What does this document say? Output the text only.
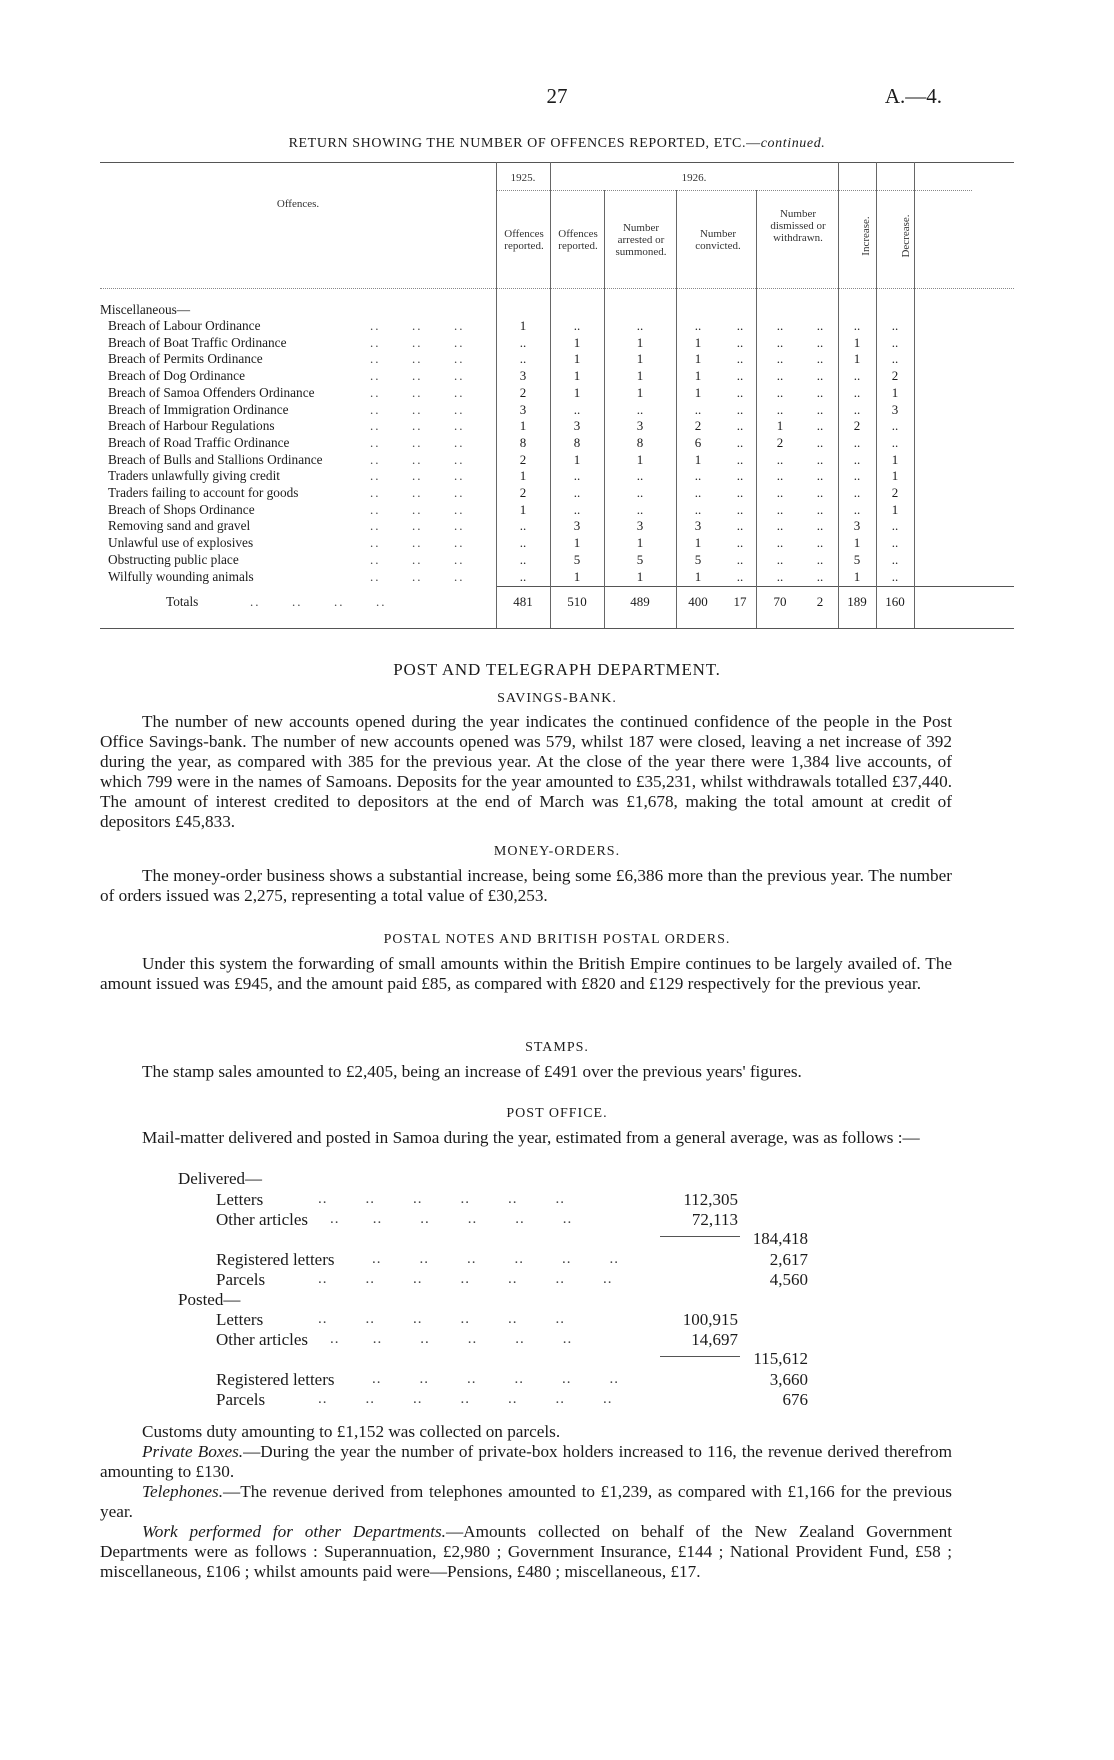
27	A.—4.
RETURN SHOWING THE NUMBER OF OFFENCES REPORTED, ETC.—continued.
Offences.
1925.	1926.
Offences reported.
Offences reported.
Number arrested or summoned.
Number convicted.
Number dismissed or withdrawn.	Increase.	Decrease.
Miscellaneous—
Breach of Labour Ordinance	..      ..      ..	1	..	..	..	..	..	..	..	..
Breach of Boat Traffic Ordinance	..      ..      ..	..	1	1	1	..	..	..	1	..
Breach of Permits Ordinance	..      ..      ..	..	1	1	1	..	..	..	1	..
Breach of Dog Ordinance	..      ..      ..	3	1	1	1	..	..	..	..	2
Breach of Samoa Offenders Ordinance	..      ..      ..	2	1	1	1	..	..	..	..	1
Breach of Immigration Ordinance	..      ..      ..	3	..	..	..	..	..	..	..	3
Breach of Harbour Regulations	..      ..      ..	1	3	3	2	..	1	..	2	..
Breach of Road Traffic Ordinance	..      ..      ..	8	8	8	6	..	2	..	..	..
Breach of Bulls and Stallions Ordinance	..      ..      ..	2	1	1	1	..	..	..	..	1
Traders unlawfully giving credit	..      ..      ..	1	..	..	..	..	..	..	..	1
Traders failing to account for goods	..      ..      ..	2	..	..	..	..	..	..	..	2
Breach of Shops Ordinance	..      ..      ..	1	..	..	..	..	..	..	..	1
Removing sand and gravel	..      ..      ..	..	3	3	3	..	..	..	3	..
Unlawful use of explosives	..      ..      ..	..	1	1	1	..	..	..	1	..
Obstructing public place	..      ..      ..	..	5	5	5	..	..	..	5	..
Wilfully wounding animals	..      ..      ..	..	1	1	1	..	..	..	1	..
Totals	..      ..      ..      ..	481	510	489	400	17	70	2	189	160
POST AND TELEGRAPH DEPARTMENT.
SAVINGS-BANK.
The number of new accounts opened during the year indicates the continued confidence of the people in the Post Office Savings-bank. The number of new accounts opened was 579, whilst 187 were closed, leaving a net increase of 392 during the year, as compared with 385 for the previous year. At the close of the year there were 1,384 live accounts, of which 799 were in the names of Samoans. Deposits for the year amounted to £35,231, whilst withdrawals totalled £37,440. The amount of interest credited to depositors at the end of March was £1,678, making the total amount at credit of depositors £45,833.
MONEY-ORDERS.
The money-order business shows a substantial increase, being some £6,386 more than the previous year. The number of orders issued was 2,275, representing a total value of £30,253.
POSTAL NOTES AND BRITISH POSTAL ORDERS.
Under this system the forwarding of small amounts within the British Empire continues to be largely availed of. The amount issued was £945, and the amount paid £85, as compared with £820 and £129 respectively for the previous year.
STAMPS.
The stamp sales amounted to £2,405, being an increase of £491 over the previous years' figures.
POST OFFICE.
Mail-matter delivered and posted in Samoa during the year, estimated from a general average, was as follows :—
Delivered—
Letters	..        ..        ..        ..        ..        ..	112,305
Other articles ..       ..        ..        ..        ..        ..	72,113
184,418
Registered letters	..        ..        ..        ..        ..        ..	2,617
Parcels	..        ..        ..        ..        ..        ..        ..	4,560
Posted—
Letters	..        ..        ..        ..        ..        ..	100,915
Other articles ..       ..        ..        ..        ..        ..	14,697
115,612
Registered letters	..        ..        ..        ..        ..        ..	3,660
Parcels	..        ..        ..        ..        ..        ..        ..	676
Customs duty amounting to £1,152 was collected on parcels.
Private Boxes.—During the year the number of private-box holders increased to 116, the revenue derived therefrom amounting to £130.
Telephones.—The revenue derived from telephones amounted to £1,239, as compared with £1,166 for the previous year.
Work performed for other Departments.—Amounts collected on behalf of the New Zealand Government Departments were as follows : Superannuation, £2,980 ; Government Insurance, £144 ; National Provident Fund, £58 ; miscellaneous, £106 ; whilst amounts paid were—Pensions, £480 ; miscellaneous, £17.
